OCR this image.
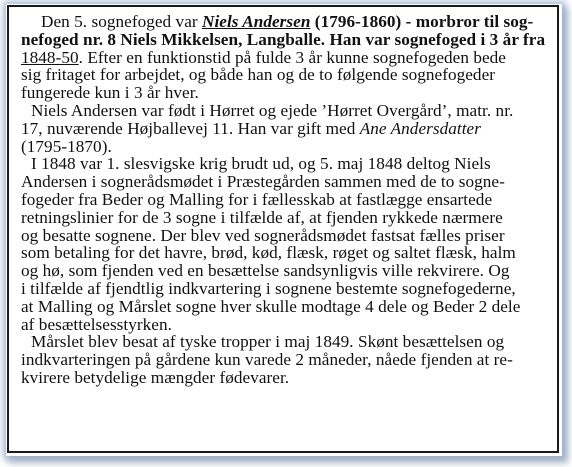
Den 5. sognefoged var Niels Andersen (1796-1860) - morbror til sog-
nefoged nr. 8 Niels Mikkelsen, Langballe. Han var sognefoged i 3 år fra
1848-50. Efter en funktionstid på fulde 3 år kunne sognefogeden bede
sig fritaget for arbejdet, og både han og de to følgende sognefogeder
fungerede kun i 3 år hver.
Niels Andersen var født i Hørret og ejede ’Hørret Overgård’, matr. nr.
17, nuværende Højballevej 11. Han var gift med Ane Andersdatter
(1795-1870).
I 1848 var 1. slesvigske krig brudt ud, og 5. maj 1848 deltog Niels
Andersen i sognerådsmødet i Præstegården sammen med de to sogne-
fogeder fra Beder og Malling for i fællesskab at fastlægge ensartede
retningslinier for de 3 sogne i tilfælde af, at fjenden rykkede nærmere
og besatte sognene. Der blev ved sognerådsmødet fastsat fælles priser
som betaling for det havre, brød, kød, flæsk, røget og saltet flæsk, halm
og hø, som fjenden ved en besættelse sandsynligvis ville rekvirere. Og
i tilfælde af fjendtlig indkvartering i sognene bestemte sognefogederne,
at Malling og Mårslet sogne hver skulle modtage 4 dele og Beder 2 dele
af besættelsesstyrken.
Mårslet blev besat af tyske tropper i maj 1849. Skønt besættelsen og
indkvarteringen på gårdene kun varede 2 måneder, nåede fjenden at re-
kvirere betydelige mængder fødevarer.
